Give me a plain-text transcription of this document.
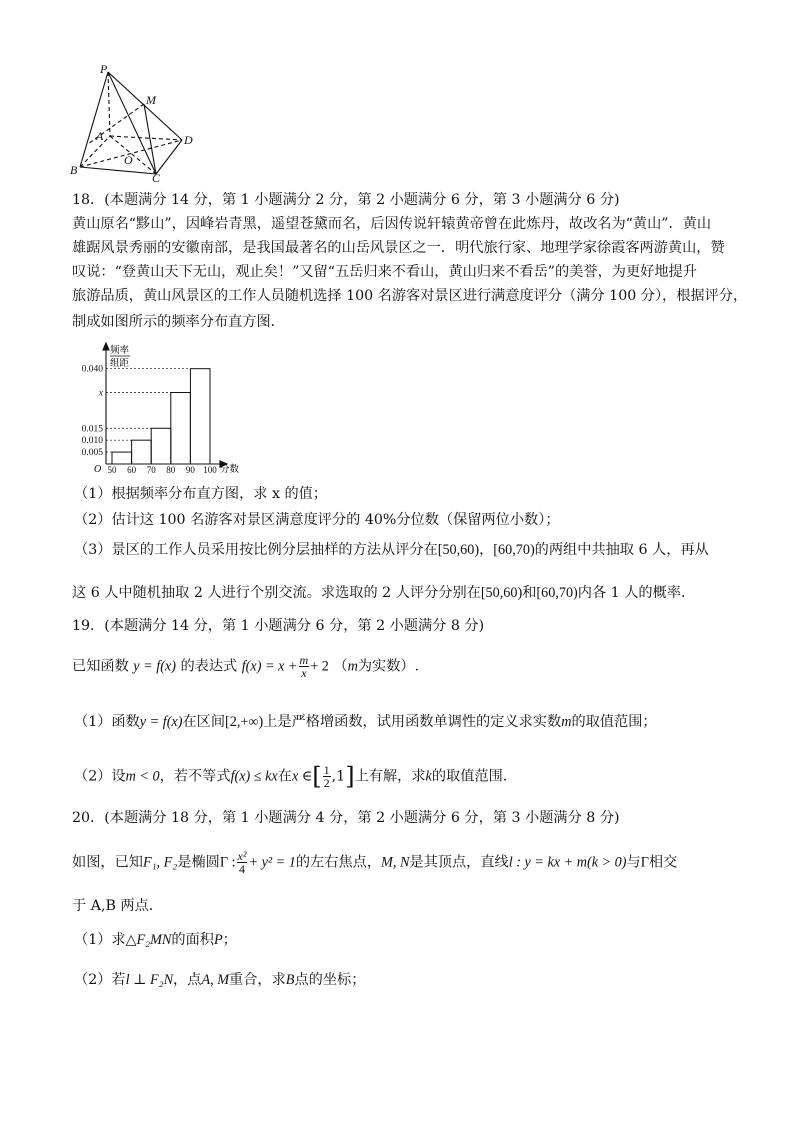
P
M
A	D
O
B
C
18．(本题满分 14 分，第 1 小题满分 2 分，第 2 小题满分 6 分，第 3 小题满分 6 分)
黄山原名“黟山”，因峰岩青黑，遥望苍黛而名，后因传说轩辕黄帝曾在此炼丹，故改名为“黄山”．黄山
雄踞风景秀丽的安徽南部，是我国最著名的山岳风景区之一．明代旅行家、地理学家徐霞客两游黄山，赞
叹说：“登黄山天下无山，观止矣！”又留“五岳归来不看山，黄山归来不看岳”的美誉，为更好地提升
旅游品质，黄山风景区的工作人员随机选择 100 名游客对景区进行满意度评分（满分 100 分），根据评分，
制成如图所示的频率分布直方图．
0.005
0.010
0.015
x
0.040
50 60 70 80 90 100
频率
组距
分数
O
（1）根据频率分布直方图，求 x 的值；
（2）估计这 100 名游客对景区满意度评分的 40%分位数（保留两位小数）；
（3）景区的工作人员采用按比例分层抽样的方法从评分在[50,60)，[60,70)的两组中共抽取 6 人，再从
这 6 人中随机抽取 2 人进行个别交流。求选取的 2 人评分分别在[50,60)和[60,70)内各 1 人的概率．
19．(本题满分 14 分，第 1 小题满分 6 分，第 2 小题满分 8 分)
已知函数 y = f(x) 的表达式 $f(x) = x + \frac{m}{x} + 2$ （m为实数）.
（1）函数y = f(x)在区间[2,+∞)上是严格增函数，试用函数单调性的定义求实数m的取值范围；
（2）设m < 0，若不等式f(x) ≤ kx在x ∈[ $\frac{1}{2} ,1$]上有解，求k的取值范围.
20．(本题满分 18 分，第 1 小题满分 4 分，第 2 小题满分 6 分，第 3 小题满分 8 分)
如图，已知F₁, F₂是椭圆Γ : $\frac{\text{x²}}{4} + y^2 = 1$的左右焦点，M, N是其顶点，直线l : y = kx + m(k > 0)与Γ相交
于 A,B 两点．
（1）求△F₂MN的面积P；
（2）若l ⊥ F₂N，点A, M重合，求B点的坐标；
